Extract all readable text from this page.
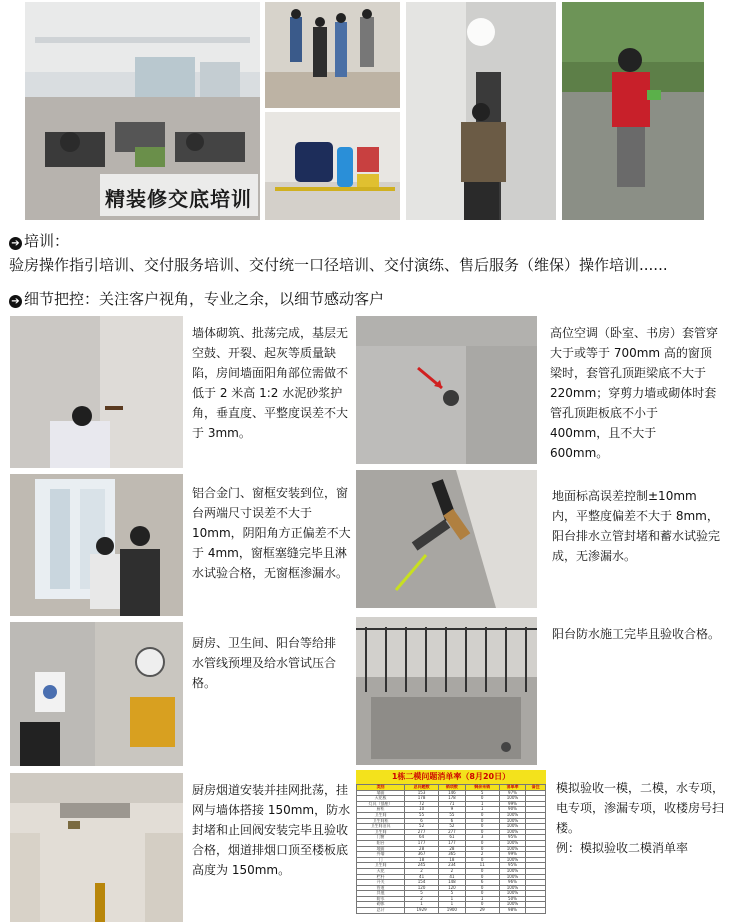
精装修交底培训
➔ 培训：
验房操作指引培训、交付服务培训、交付统一口径培训、交付演练、售后服务（维保）操作培训......
➔ 细节把控：关注客户视角，专业之余，以细节感动客户
墙体砌筑、批荡完成，基层无空鼓、开裂、起灰等质量缺陷，房间墙面阳角部位需做不低于 2 米高 1:2 水泥砂浆护角，垂直度、平整度误差不大于 3mm。
高位空调（卧室、书房）套管穿大于或等于 700mm 高的窗顶梁时，套管孔顶距梁底不大于 220mm；穿剪力墙或砌体时套管孔顶距板底不小于 400mm，且不大于 600mm。
铝合金门、窗框安装到位，窗台两端尺寸误差不大于 10mm，阴阳角方正偏差不大于 4mm，窗框塞缝完毕且淋水试验合格，无窗框渗漏水。
地面标高误差控制±10mm 内，平整度偏差不大于 8mm，阳台排水立管封堵和蓄水试验完成，无渗漏水。
厨房、卫生间、阳台等给排水管线预埋及给水管试压合格。
阳台防水施工完毕且验收合格。
厨房烟道安装并挂网批荡，挂网与墙体搭接 150mm，防水封堵和止回阀安装完毕且验收合格，烟道排烟口顶至楼板底高度为 150mm。
1栋二模问题消单率（8月20日）
类别	总问题数	销项数	剩余未销	消单率	备注
墙面	153	146	5	97%	
天花板	178	178	0	100%	
灯具（插座）	72	71	1	99%	
厨柜	10	9	1	90%	
卫生间	55	55	0	100%	
卫生间柜	6	6	0	100%	
卫生间洁具	52	52	0	100%	
卫生间	277	277	0	100%	
门窗	64	61	3	95%	
阳台	177	177	0	100%	
地面	28	28	0	100%	
外墙	367	365	2	99%	
门	18	18	0	100%	
卫生间	245	234	11	95%	
天花	2	2	0	100%	
栏杆	41	41	0	100%	
开关	154	148	6	96%	
管道	120	120	0	100%	
其他	5	5	0	100%	
防水	2	1	1	50%	
砌体	1	1	0	100%	
总计	1929	1900	29	98%	
模拟验收一模，二模，水专项，电专项，渗漏专项，收楼房号扫楼。
例：模拟验收二模消单率
